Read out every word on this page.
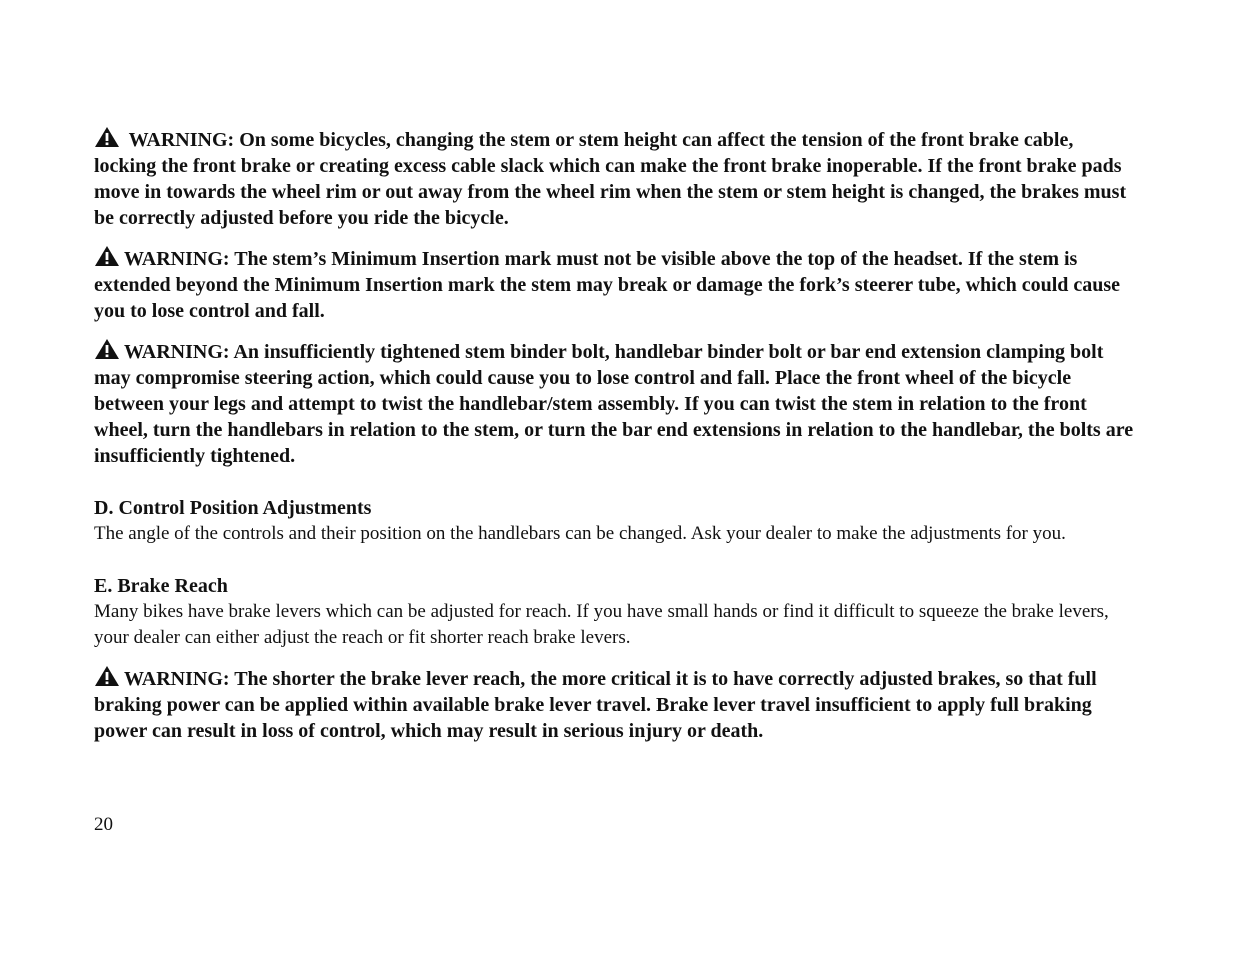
WARNING: On some bicycles, changing the stem or stem height can affect the tension of the front brake cable, locking the front brake or creating excess cable slack which can make the front brake inoperable. If the front brake pads move in towards the wheel rim or out away from the wheel rim when the stem or stem height is changed, the brakes must be correctly adjusted before you ride the bicycle.

WARNING: The stem’s Minimum Insertion mark must not be visible above the top of the headset. If the stem is extended beyond the Minimum Insertion mark the stem may break or damage the fork’s steerer tube, which could cause you to lose control and fall.

WARNING: An insufficiently tightened stem binder bolt, handlebar binder bolt or bar end extension clamping bolt may compromise steering action, which could cause you to lose control and fall. Place the front wheel of the bicycle between your legs and attempt to twist the handlebar/stem assembly. If you can twist the stem in relation to the front wheel, turn the handlebars in relation to the stem, or turn the bar end extensions in relation to the handlebar, the bolts are insufficiently tightened.

D. Control Position Adjustments

The angle of the controls and their position on the handlebars can be changed. Ask your dealer to make the adjustments for you.

E. Brake Reach

Many bikes have brake levers which can be adjusted for reach. If you have small hands or find it difficult to squeeze the brake levers, your dealer can either adjust the reach or fit shorter reach brake levers.

WARNING: The shorter the brake lever reach, the more critical it is to have correctly adjusted brakes, so that full braking power can be applied within available brake lever travel. Brake lever travel insufficient to apply full braking power can result in loss of control, which may result in serious injury or death.

20
